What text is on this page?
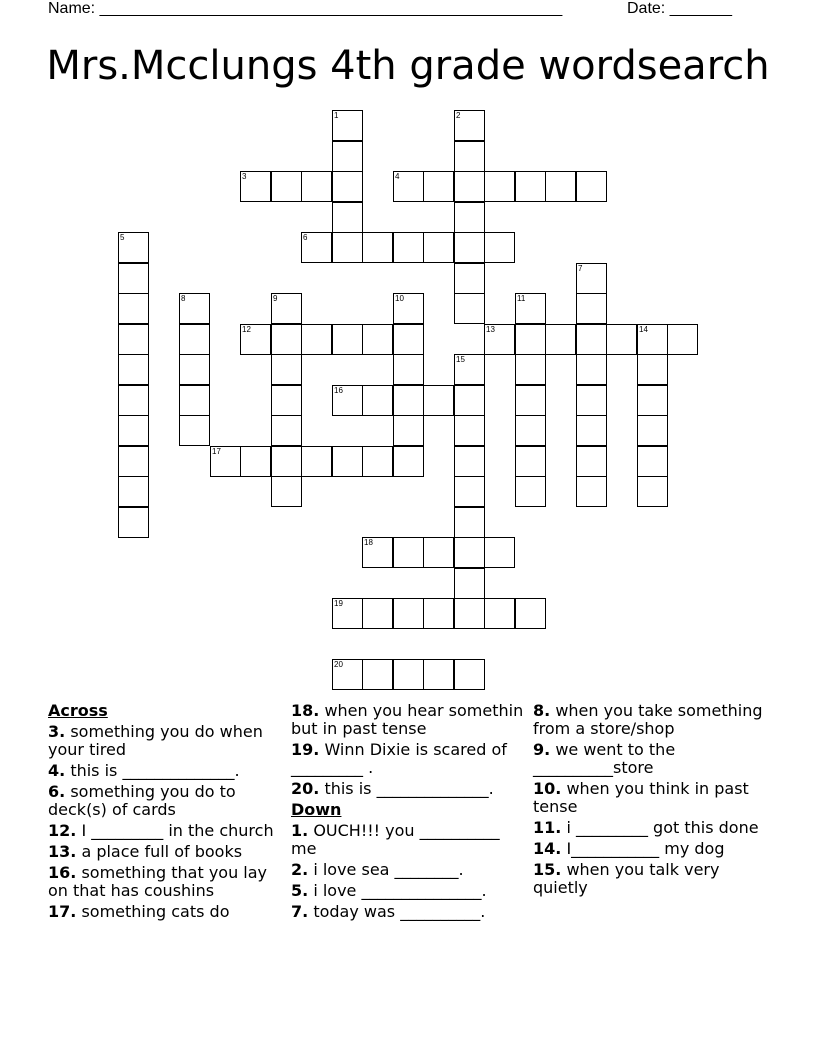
Name: ____________________________________________________	Date: _______
Mrs.Mcclungs 4th grade wordsearch
1	2
3	4
5	6
7
8	9	10	11
12	13	14
15
16
17
18
19
20
Across
3. something you do when your tired
4. this is ______________.
6. something you do to deck(s) of cards
12. I _________ in the church
13. a place full of books
16. something that you lay on that has coushins
17. something cats do
18. when you hear somethin but in past tense
19. Winn Dixie is scared of _________ .
20. this is ______________.
Down
1. OUCH!!! you __________ me
2. i love sea ________.
5. i love _______________.
7. today was __________.
8. when you take something from a store/shop
9. we went to the __________store
10. when you think in past tense
11. i _________ got this done
14. I___________ my dog
15. when you talk very quietly
